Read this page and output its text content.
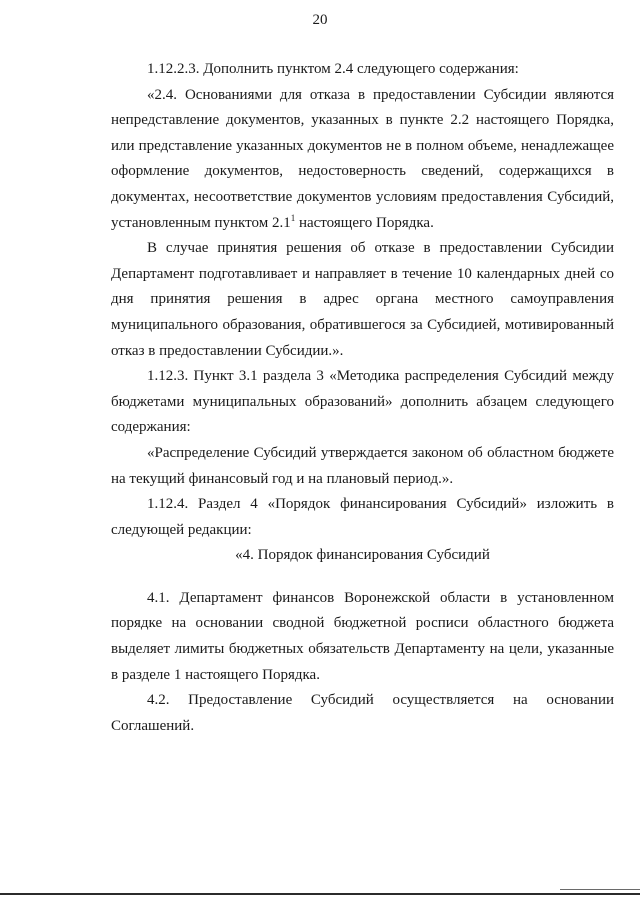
20

1.12.2.3. Дополнить пунктом 2.4 следующего содержания:

«2.4. Основаниями для отказа в предоставлении Субсидии являются непредставление документов, указанных в пункте 2.2 настоящего Порядка, или представление указанных документов не в полном объеме, ненадлежащее оформление документов, недостоверность сведений, содержащихся в документах, несоответствие документов условиям предоставления Субсидий, установленным пунктом $2.1^1$ настоящего Порядка.

В случае принятия решения об отказе в предоставлении Субсидии Департамент подготавливает и направляет в течение 10 календарных дней со дня принятия решения в адрес органа местного самоуправления муниципального образования, обратившегося за Субсидией, мотивированный отказ в предоставлении Субсидии.».

1.12.3. Пункт 3.1 раздела 3 «Методика распределения Субсидий между бюджетами муниципальных образований» дополнить абзацем следующего содержания:

«Распределение Субсидий утверждается законом об областном бюджете на текущий финансовый год и на плановый период.».

1.12.4. Раздел 4 «Порядок финансирования Субсидий» изложить в следующей редакции:

«4. Порядок финансирования Субсидий

4.1. Департамент финансов Воронежской области в установленном порядке на основании сводной бюджетной росписи областного бюджета выделяет лимиты бюджетных обязательств Департаменту на цели, указанные в разделе 1 настоящего Порядка.

4.2. Предоставление Субсидий осуществляется на основании Соглашений.
